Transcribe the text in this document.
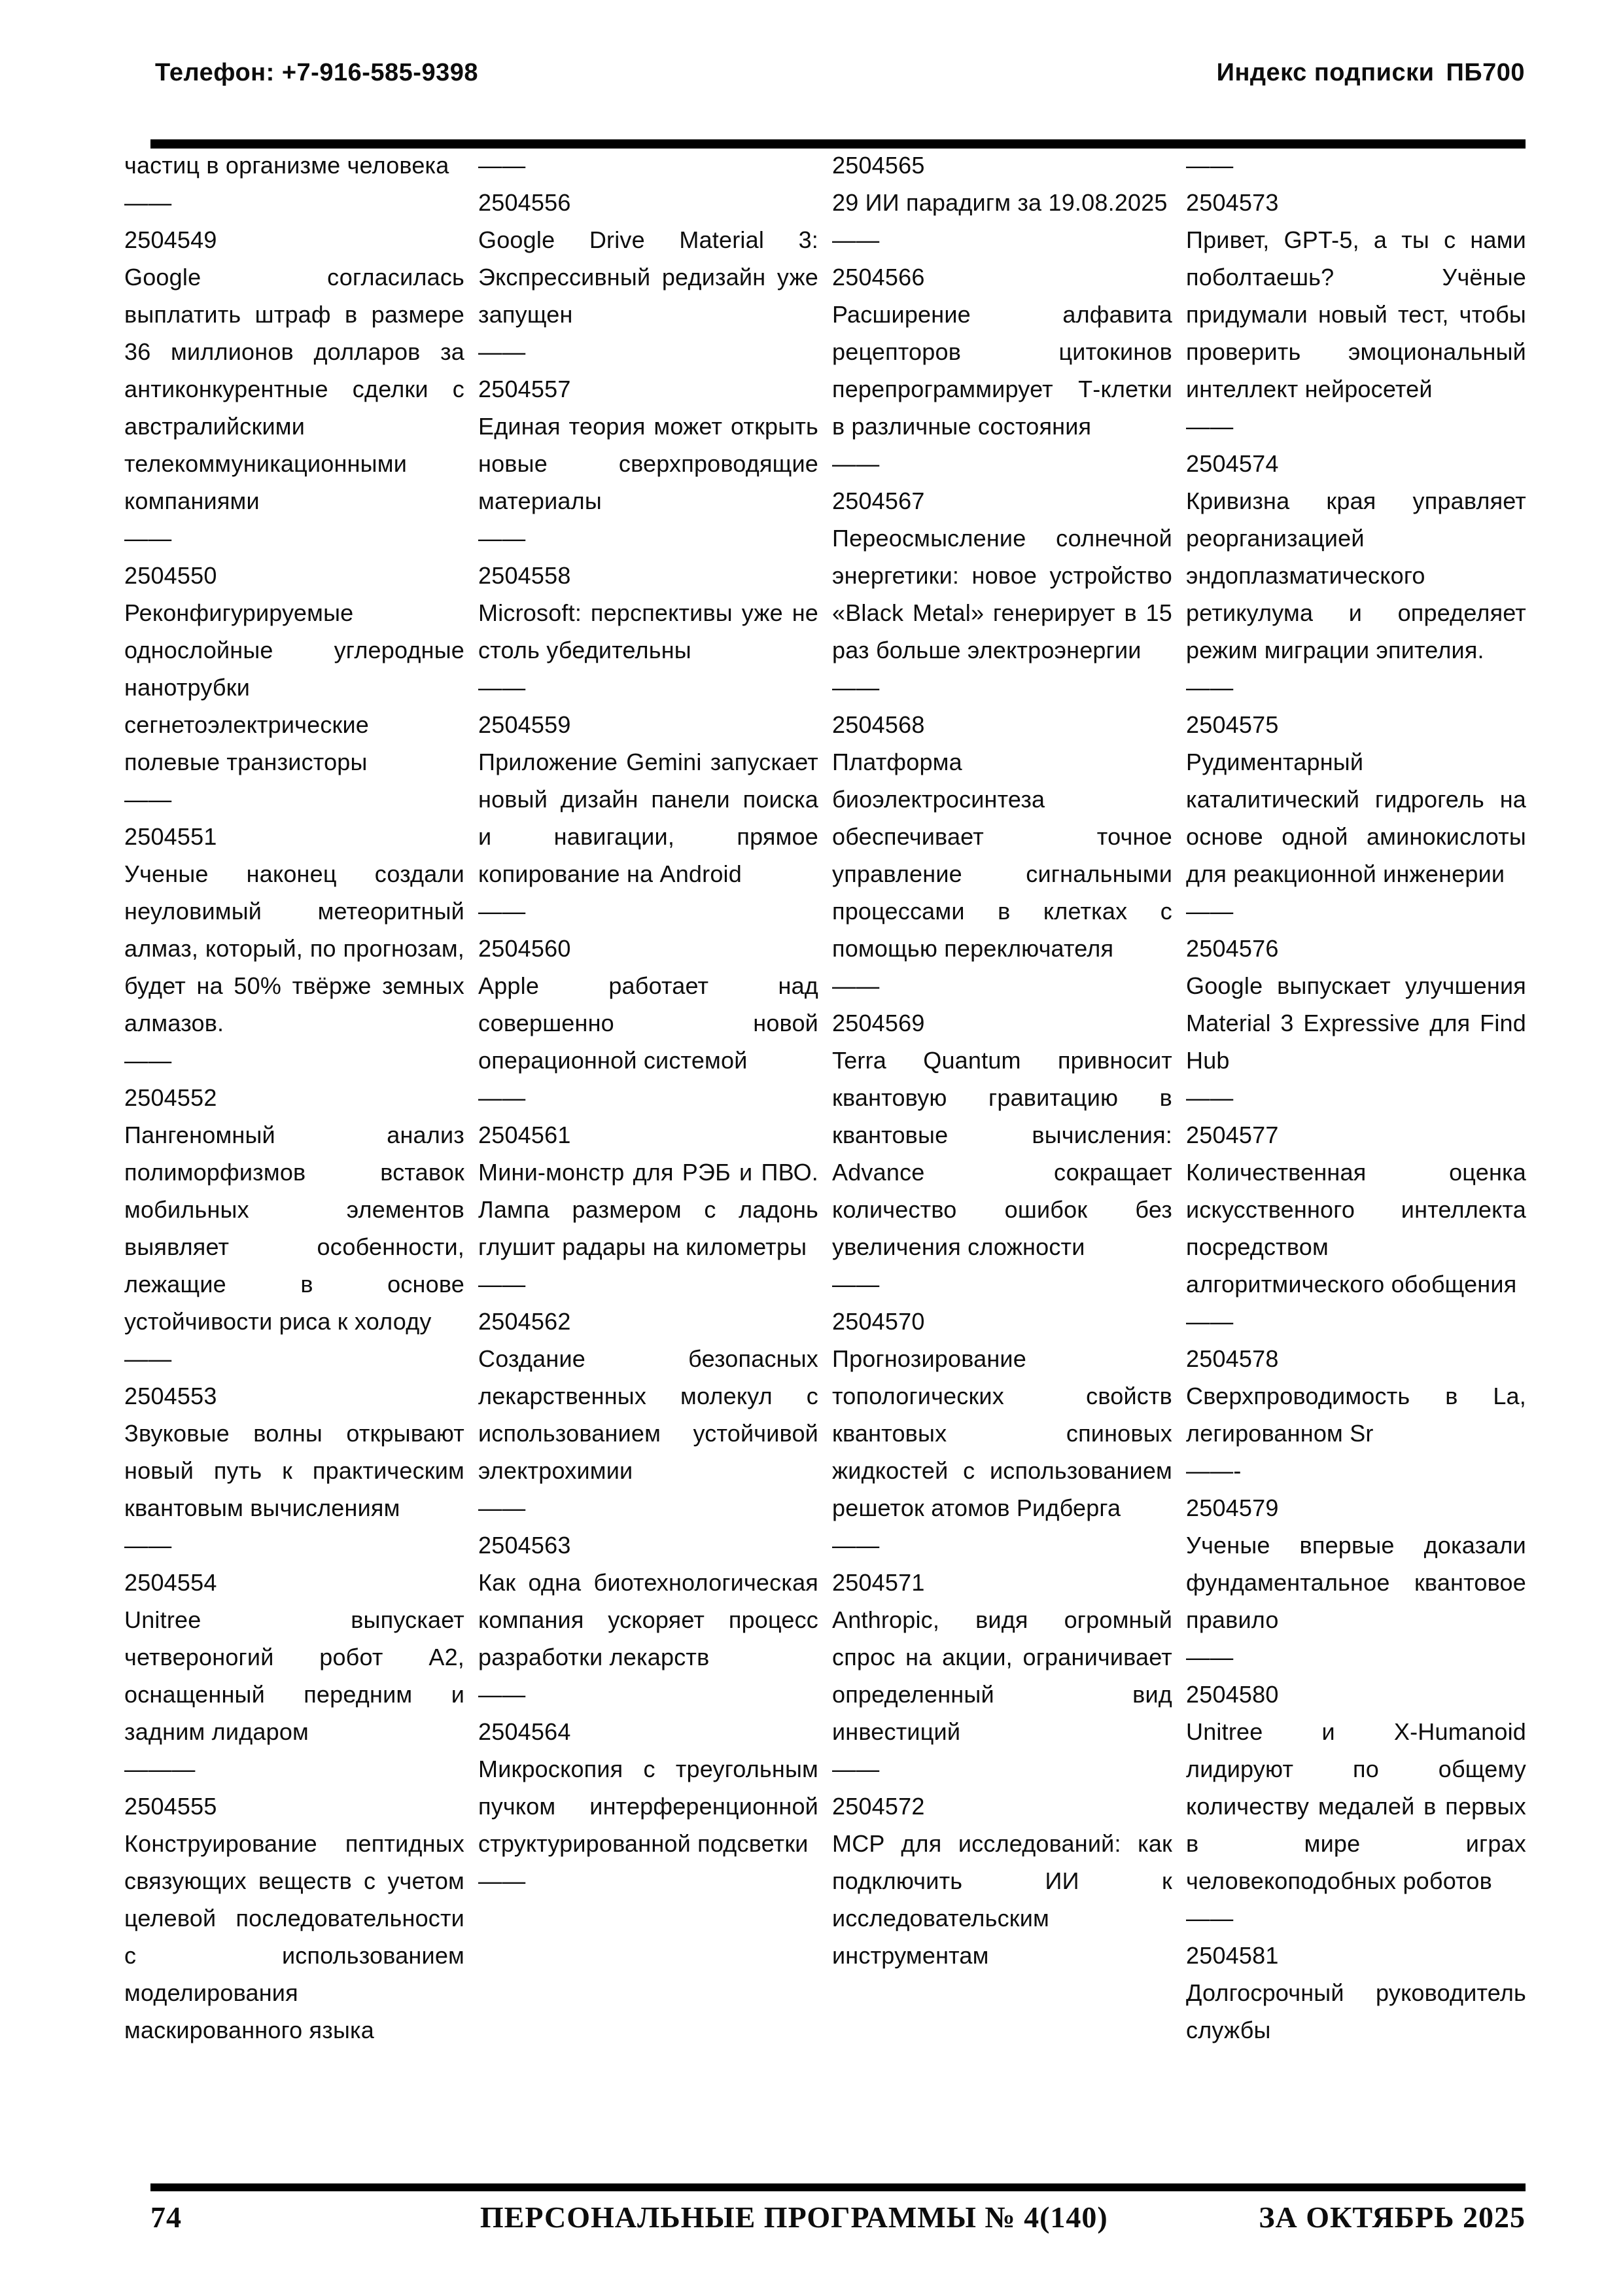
Телефон: +7-916-585-9398	Индекс подписки ПБ700
частиц в организме человека
——
2504549
Google согласилась выплатить штраф в размере 36 миллионов долларов за антиконкурентные сделки с австралийскими телекоммуникационными компаниями
——
2504550
Реконфигурируемые однослойные углеродные нанотрубки сегнетоэлектрические полевые транзисторы
——
2504551
Ученые наконец создали неуловимый метеоритный алмаз, который, по прогнозам, будет на 50% твёрже земных алмазов.
——
2504552
Пангеномный анализ полиморфизмов вставок мобильных элементов выявляет особенности, лежащие в основе устойчивости риса к холоду
——
2504553
Звуковые волны открывают новый путь к практическим квантовым вычислениям
——
2504554
Unitree выпускает четвероногий робот A2, оснащенный передним и задним лидаром
———
2504555
Конструирование пептидных связующих веществ с учетом целевой последовательности с использованием моделирования маскированного языка
——
2504556
Google Drive Material 3: Экспрессивный редизайн уже запущен
——
2504557
Единая теория может открыть новые сверхпроводящие материалы
——
2504558
Microsoft: перспективы уже не столь убедительны
——
2504559
Приложение Gemini запускает новый дизайн панели поиска и навигации, прямое копирование на Android
——
2504560
Apple работает над совершенно новой операционной системой
——
2504561
Мини-монстр для РЭБ и ПВО. Лампа размером с ладонь глушит радары на километры
——
2504562
Создание безопасных лекарственных молекул с использованием устойчивой электрохимии
——
2504563
Как одна биотехнологическая компания ускоряет процесс разработки лекарств
——
2504564
Микроскопия с треугольным пучком интерференционной структурированной подсветки
——
2504565
29 ИИ парадигм за 19.08.2025
——
2504566
Расширение алфавита рецепторов цитокинов перепрограммирует Т-клетки в различные состояния
——
2504567
Переосмысление солнечной энергетики: новое устройство «Black Metal» генерирует в 15 раз больше электроэнергии
——
2504568
Платформа биоэлектросинтеза обеспечивает точное управление сигнальными процессами в клетках с помощью переключателя
——
2504569
Terra Quantum привносит квантовую гравитацию в квантовые вычисления: Advance сокращает количество ошибок без увеличения сложности
——
2504570
Прогнозирование топологических свойств квантовых спиновых жидкостей с использованием решеток атомов Ридберга
——
2504571
Anthropic, видя огромный спрос на акции, ограничивает определенный вид инвестиций
——
2504572
MCP для исследований: как подключить ИИ к исследовательским инструментам
——
2504573
Привет, GPT-5, а ты с нами поболтаешь? Учёные придумали новый тест, чтобы проверить эмоциональный интеллект нейросетей
——
2504574
Кривизна края управляет реорганизацией эндоплазматического ретикулума и определяет режим миграции эпителия.
——
2504575
Рудиментарный каталитический гидрогель на основе одной аминокислоты для реакционной инженерии
——
2504576
Google выпускает улучшения Material 3 Expressive для Find Hub
——
2504577
Количественная оценка искусственного интеллекта посредством алгоритмического обобщения
——
2504578
Сверхпроводимость в La, легированном Sr
——-
2504579
Ученые впервые доказали фундаментальное квантовое правило
——
2504580
Unitree и X-Humanoid лидируют по общему количеству медалей в первых в мире играх человекоподобных роботов
——
2504581
Долгосрочный руководитель службы
74	ПЕРСОНАЛЬНЫЕ ПРОГРАММЫ № 4(140)	ЗА ОКТЯБРЬ 2025
